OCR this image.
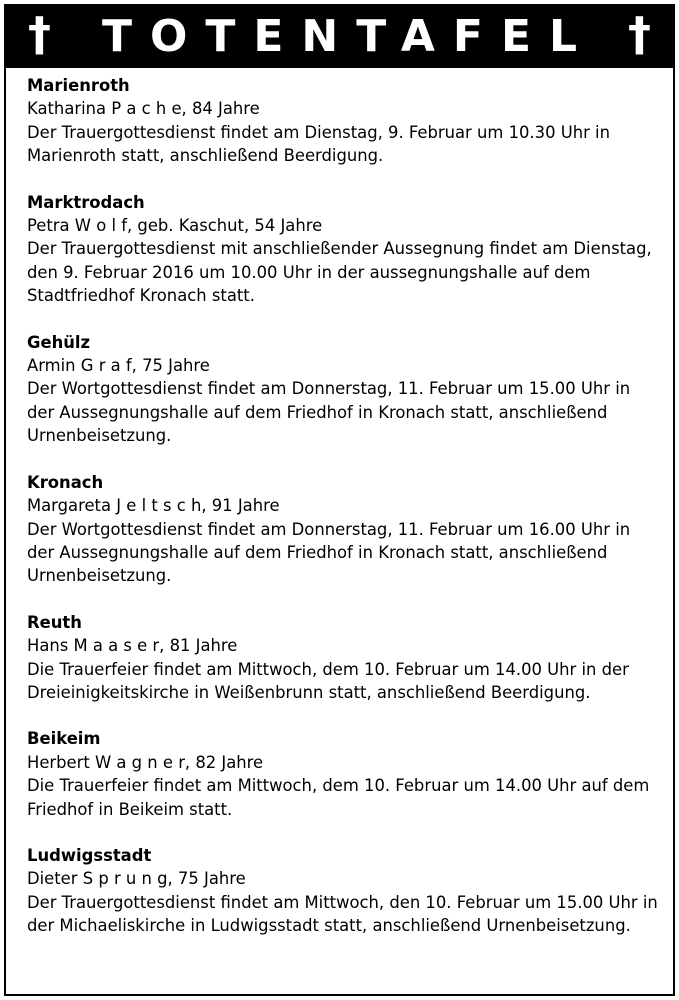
†	TOTENTAFEL †
Marienroth
Katharina P a c h e, 84 Jahre
Der Trauergottesdienst findet am Dienstag, 9. Februar um 10.30 Uhr in Marienroth statt, anschließend Beerdigung.
Marktrodach
Petra W o l f, geb. Kaschut, 54 Jahre
Der Trauergottesdienst mit anschließender Aussegnung findet am Dienstag, den 9. Februar 2016 um 10.00 Uhr in der aussegnungshalle auf dem Stadtfriedhof Kronach statt.
Gehülz
Armin G r a f, 75 Jahre
Der Wortgottesdienst findet am Donnerstag, 11. Februar um 15.00 Uhr in der Aussegnungshalle auf dem Friedhof in Kronach statt, anschließend Urnenbeisetzung.
Kronach
Margareta J e l t s c h, 91 Jahre
Der Wortgottesdienst findet am Donnerstag, 11. Februar um 16.00 Uhr in der Aussegnungshalle auf dem Friedhof in Kronach statt, anschließend Urnenbeisetzung.
Reuth
Hans M a a s e r, 81 Jahre
Die Trauerfeier findet am Mittwoch, dem 10. Februar um 14.00 Uhr in der Dreieinigkeitskirche in Weißenbrunn statt, anschließend Beerdigung.
Beikeim
Herbert W a g n e r, 82 Jahre
Die Trauerfeier findet am Mittwoch, dem 10. Februar um 14.00 Uhr auf dem Friedhof in Beikeim statt.
Ludwigsstadt
Dieter S p r u n g, 75 Jahre
Der Trauergottesdienst findet am Mittwoch, den 10. Februar um 15.00 Uhr in der Michaeliskirche in Ludwigsstadt statt, anschließend Urnenbeisetzung.
